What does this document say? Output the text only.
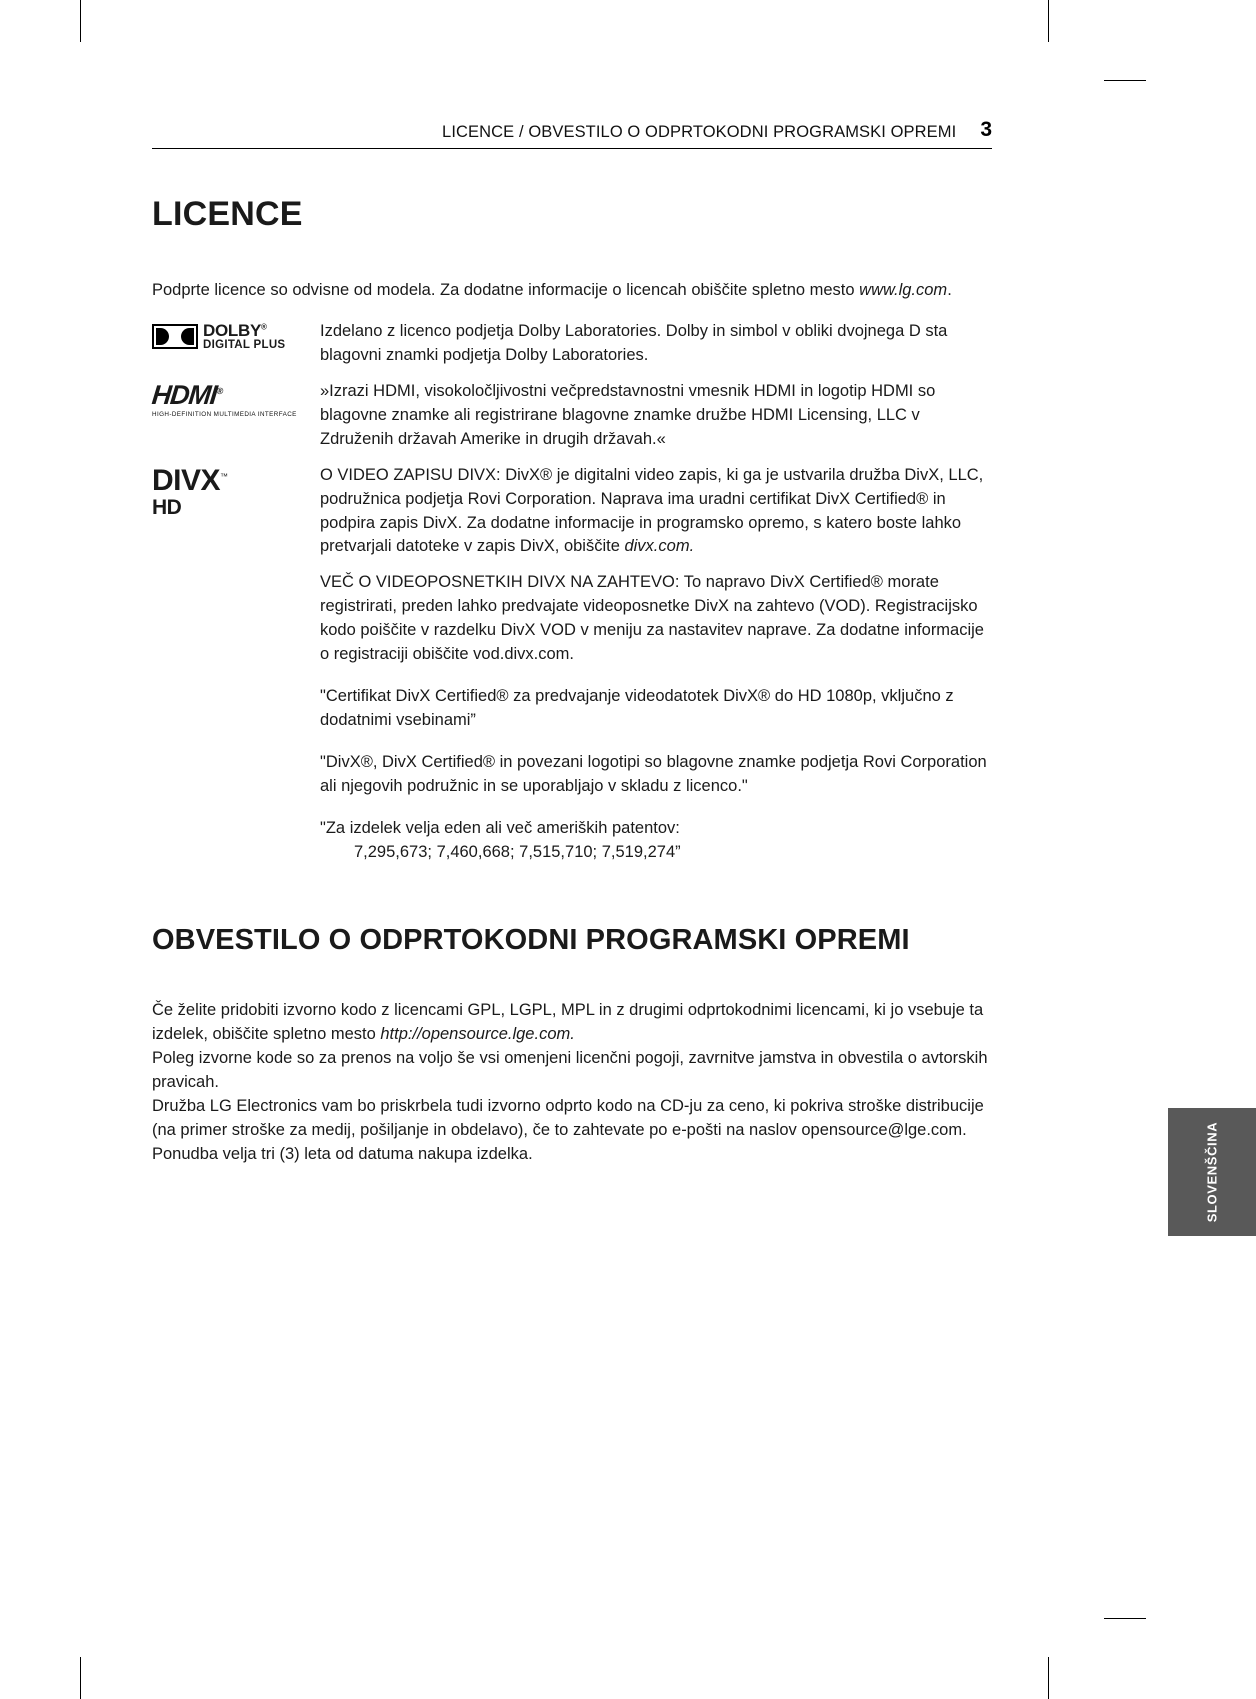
LICENCE / OBVESTILO O ODPRTOKODNI PROGRAMSKI OPREMI 3
LICENCE

Podprte licence so odvisne od modela. Za dodatne informacije o licencah obiščite spletno mesto www.lg.com.

DOLBY®
DIGITAL PLUS

Izdelano z licenco podjetja Dolby Laboratories. Dolby in simbol v obliki dvojnega D sta blagovni znamki podjetja Dolby Laboratories.

HDMI®
HIGH-DEFINITION MULTIMEDIA INTERFACE

»Izrazi HDMI, visokoločljivostni večpredstavnostni vmesnik HDMI in logotip HDMI so blagovne znamke ali registrirane blagovne znamke družbe HDMI Licensing, LLC v Združenih državah Amerike in drugih državah.«

DIVX™
HD

O VIDEO ZAPISU DIVX: DivX® je digitalni video zapis, ki ga je ustvarila družba DivX, LLC, podružnica podjetja Rovi Corporation. Naprava ima uradni certifikat DivX Certified® in podpira zapis DivX. Za dodatne informacije in programsko opremo, s katero boste lahko pretvarjali datoteke v zapis DivX, obiščite divx.com.

VEČ O VIDEOPOSNETKIH DIVX NA ZAHTEVO: To napravo DivX Certified® morate registrirati, preden lahko predvajate videoposnetke DivX na zahtevo (VOD). Registracijsko kodo poiščite v razdelku DivX VOD v meniju za nastavitev naprave. Za dodatne informacije o registraciji obiščite vod.divx.com.

"Certifikat DivX Certified® za predvajanje videodatotek DivX® do HD 1080p, vključno z dodatnimi vsebinami”

"DivX®, DivX Certified® in povezani logotipi so blagovne znamke podjetja Rovi Corporation ali njegovih podružnic in se uporabljajo v skladu z licenco."

"Za izdelek velja eden ali več ameriških patentov:

7,295,673; 7,460,668; 7,515,710; 7,519,274”

OBVESTILO O ODPRTOKODNI PROGRAMSKI OPREMI

Če želite pridobiti izvorno kodo z licencami GPL, LGPL, MPL in z drugimi odprtokodnimi licencami, ki jo vsebuje ta izdelek, obiščite spletno mesto http://opensource.lge.com.

Poleg izvorne kode so za prenos na voljo še vsi omenjeni licenčni pogoji, zavrnitve jamstva in obvestila o avtorskih pravicah.

Družba LG Electronics vam bo priskrbela tudi izvorno odprto kodo na CD-ju za ceno, ki pokriva stroške distribucije (na primer stroške za medij, pošiljanje in obdelavo), če to zahtevate po e-pošti na naslov opensource@lge.com. Ponudba velja tri (3) leta od datuma nakupa izdelka.	SLOVENŠČINA
